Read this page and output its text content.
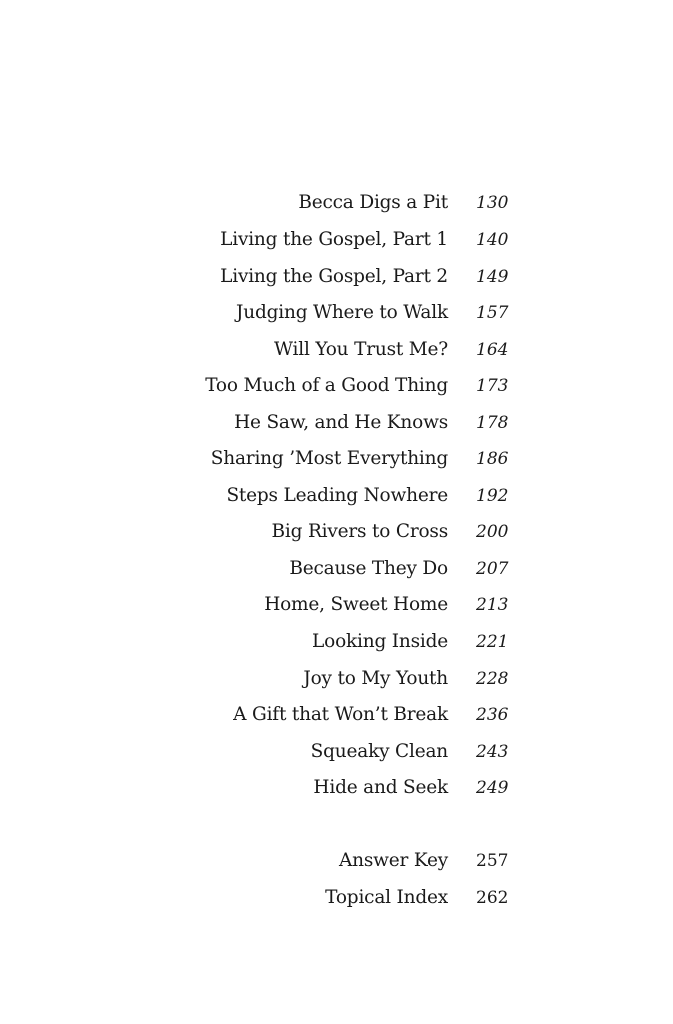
Becca Digs a Pit 130
Living the Gospel, Part 1 140
Living the Gospel, Part 2 149
Judging Where to Walk 157
Will You Trust Me? 164
Too Much of a Good Thing 173
He Saw, and He Knows 178
Sharing ’Most Everything 186
Steps Leading Nowhere 192
Big Rivers to Cross 200
Because They Do 207
Home, Sweet Home 213
Looking Inside 221
Joy to My Youth 228
A Gift that Won’t Break 236
Squeaky Clean 243
Hide and Seek 249
Answer Key 257
Topical Index 262
